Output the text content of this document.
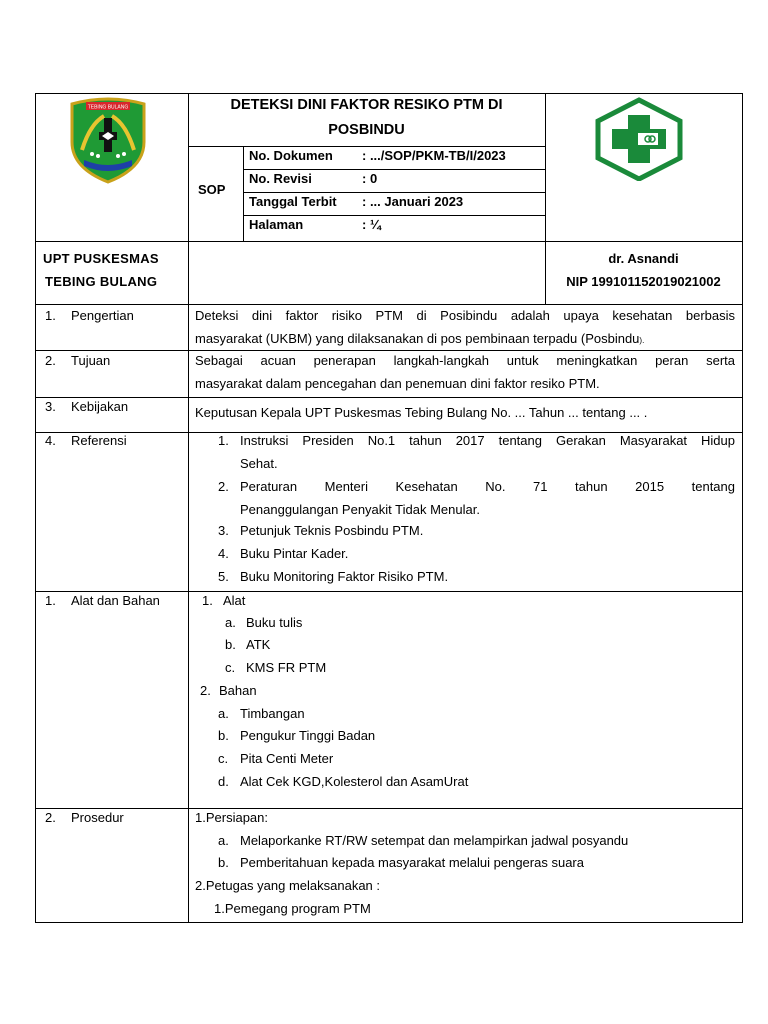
TEBING BULANG	DETEKSI DINI FAKTOR RESIKO PTM DI
POSBINDU
SOP
No. Dokumen : .../SOP/PKM-TB/I/2023
No. Revisi	: 0
Tanggal Terbit : ... Januari 2023
Halaman	: ¼
UPT PUSKESMAS
TEBING BULANG
dr. Asnandi
NIP 199101152019021002
1. Pengertian	Deteksi dini faktor risiko PTM di Posibindu adalah upaya kesehatan berbasis
masyarakat (UKBM) yang dilaksanakan di pos pembinaan terpadu (Posbindu).
2. Tujuan	Sebagai acuan penerapan langkah-langkah untuk meningkatkan peran serta
masyarakat dalam pencegahan dan penemuan dini faktor resiko PTM.
3. Kebijakan	Keputusan Kepala UPT Puskesmas Tebing Bulang No. ... Tahun ... tentang ... .
4. Referensi	1. Instruksi Presiden No.1 tahun 2017 tentang Gerakan Masyarakat Hidup
Sehat.
2. Peraturan Menteri Kesehatan No. 71 tahun 2015 tentang
Penanggulangan Penyakit Tidak Menular.
3. Petunjuk Teknis Posbindu PTM.
4. Buku Pintar Kader.
5. Buku Monitoring Faktor Risiko PTM.
1. Alat dan Bahan	1. Alat
a. Buku tulis
b. ATK
c. KMS FR PTM
2. Bahan
a. Timbangan
b. Pengukur Tinggi Badan
c. Pita Centi Meter
d. Alat Cek KGD,Kolesterol dan AsamUrat
2. Prosedur	1.Persiapan:
a. Melaporkanke RT/RW setempat dan melampirkan jadwal posyandu
b. Pemberitahuan kepada masyarakat melalui pengeras suara
2.Petugas yang melaksanakan :
1.Pemegang program PTM
